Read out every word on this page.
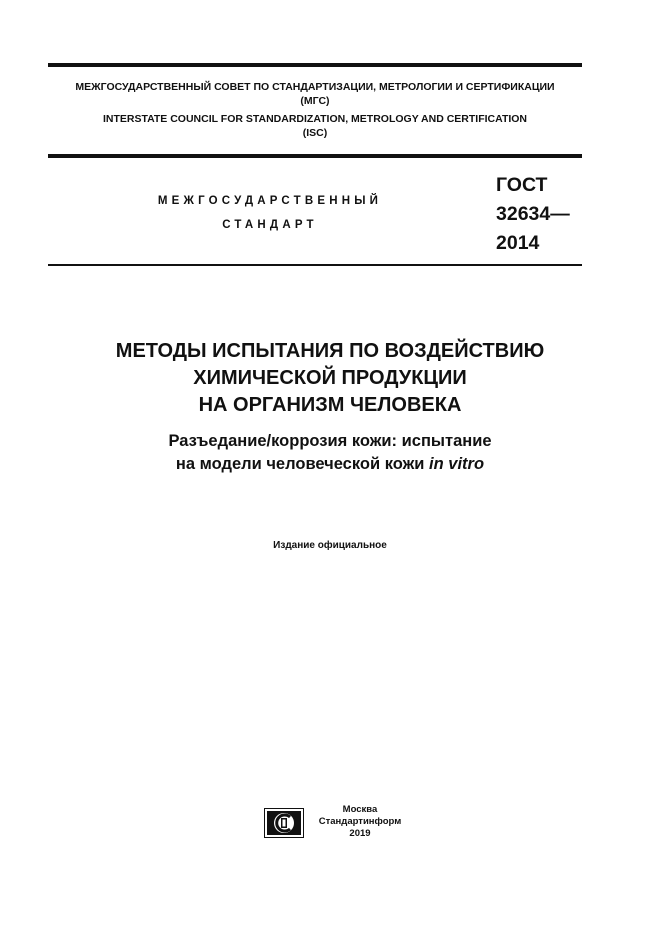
МЕЖГОСУДАРСТВЕННЫЙ СОВЕТ ПО СТАНДАРТИЗАЦИИ, МЕТРОЛОГИИ И СЕРТИФИКАЦИИ
(МГС)
INTERSTATE COUNCIL FOR STANDARDIZATION, METROLOGY AND CERTIFICATION
(ISC)
МЕЖГОСУДАРСТВЕННЫЙ
СТАНДАРТ
ГОСТ
32634—
2014
МЕТОДЫ ИСПЫТАНИЯ ПО ВОЗДЕЙСТВИЮ
ХИМИЧЕСКОЙ ПРОДУКЦИИ
НА ОРГАНИЗМ ЧЕЛОВЕКА
Разъедание/коррозия кожи: испытание
на модели человеческой кожи in vitro
Издание официальное
Москва
Стандартинформ
2019
